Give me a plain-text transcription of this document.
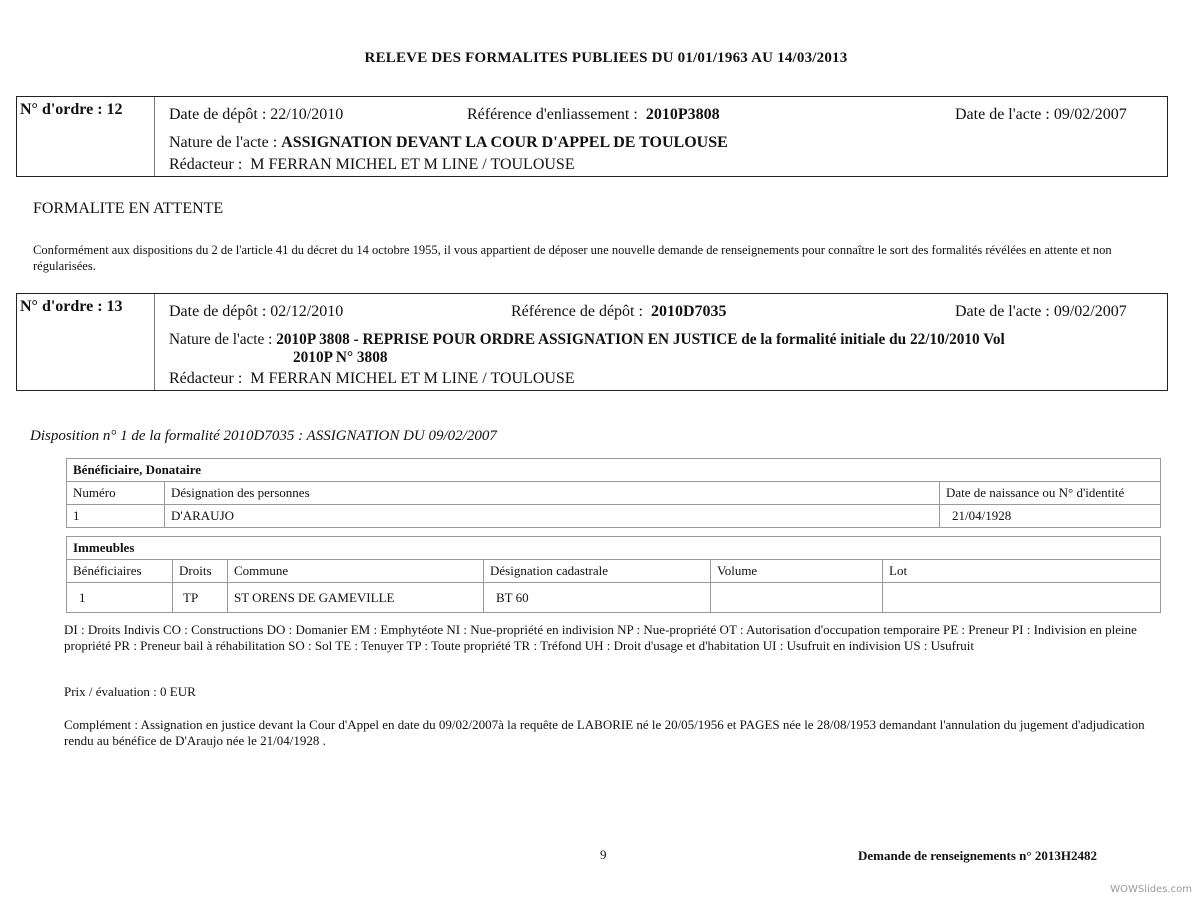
RELEVE DES FORMALITES PUBLIEES DU 01/01/1963 AU 14/03/2013
N° d'ordre : 12	Date de dépôt : 22/10/2010	Référence d'enliassement : 2010P3808	Date de l'acte : 09/02/2007
Nature de l'acte : ASSIGNATION DEVANT LA COUR D'APPEL DE TOULOUSE
Rédacteur : M FERRAN MICHEL ET M LINE / TOULOUSE
FORMALITE EN ATTENTE
Conformément aux dispositions du 2 de l'article 41 du décret du 14 octobre 1955, il vous appartient de déposer une nouvelle demande de renseignements pour connaître le sort des formalités révélées en attente et non régularisées.
N° d'ordre : 13	Date de dépôt : 02/12/2010	Référence de dépôt : 2010D7035	Date de l'acte : 09/02/2007
Nature de l'acte : 2010P 3808 - REPRISE POUR ORDRE ASSIGNATION EN JUSTICE de la formalité initiale du 22/10/2010 Vol
2010P N° 3808
Rédacteur : M FERRAN MICHEL ET M LINE / TOULOUSE
Disposition n° 1 de la formalité 2010D7035 : ASSIGNATION DU 09/02/2007
Bénéficiaire, Donataire		
Numéro	Désignation des personnes	Date de naissance ou N° d'identité
1	D'ARAUJO	21/04/1928
Immeubles					
Bénéficiaires	Droits	Commune	Désignation cadastrale	Volume	Lot
1	TP	ST ORENS DE GAMEVILLE	BT 60		
DI : Droits Indivis CO : Constructions DO : Domanier EM : Emphytéote NI : Nue-propriété en indivision NP : Nue-propriété OT : Autorisation d'occupation temporaire PE : Preneur PI : Indivision en pleine propriété PR : Preneur bail à réhabilitation SO : Sol TE : Tenuyer TP : Toute propriété TR : Tréfond UH : Droit d'usage et d'habitation UI : Usufruit en indivision US : Usufruit
Prix / évaluation : 0 EUR
Complément : Assignation en justice devant la Cour d'Appel en date du 09/02/2007à la requête de LABORIE né le 20/05/1956 et PAGES née le 28/08/1953 demandant l'annulation du jugement d'adjudication rendu au bénéfice de D'Araujo née le 21/04/1928 .
9	Demande de renseignements n° 2013H2482
WOWSlides.com
